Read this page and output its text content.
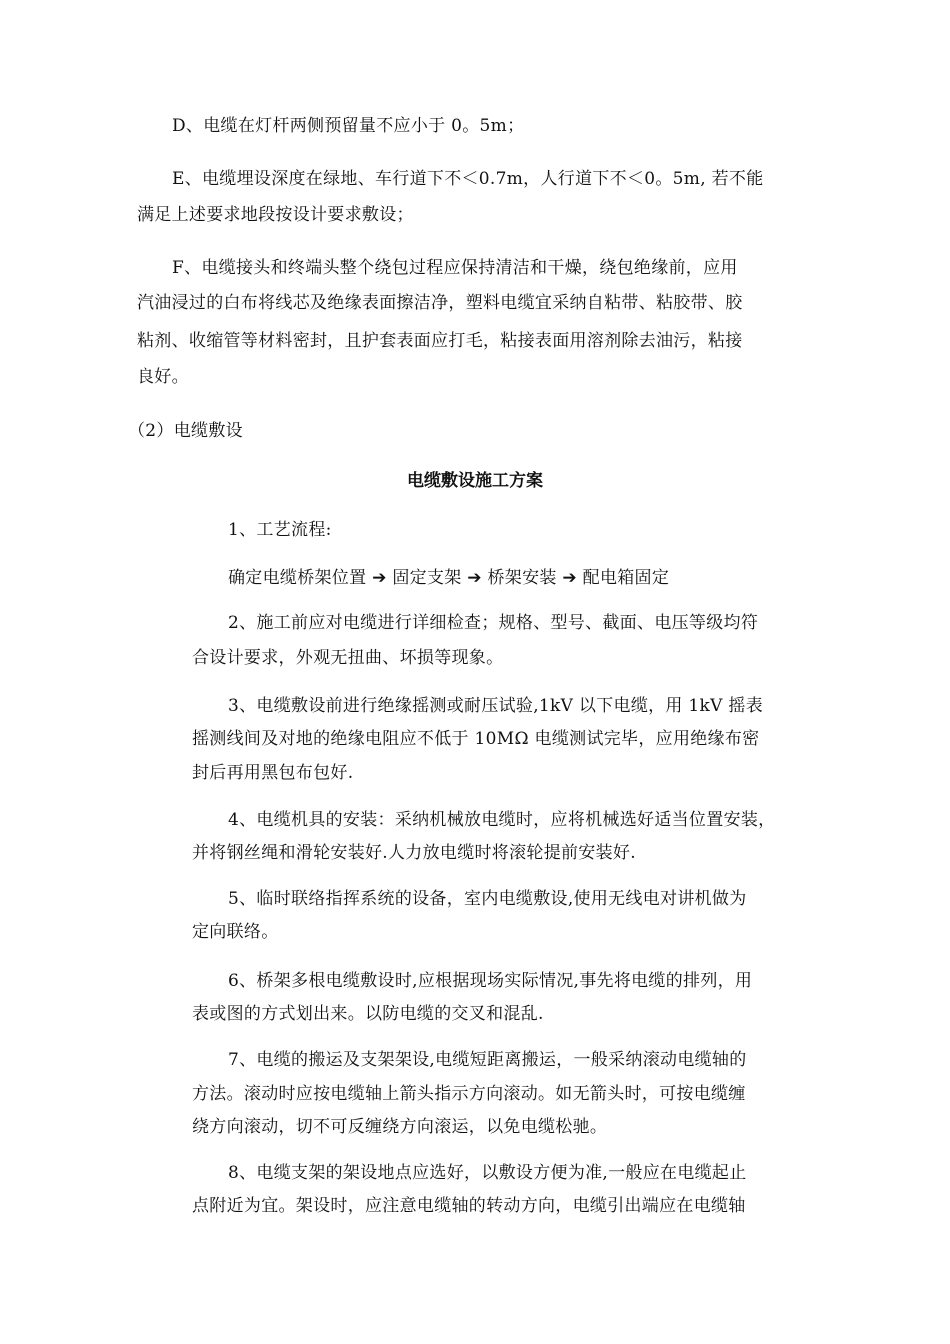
D、电缆在灯杆两侧预留量不应小于 0。5m；
E、电缆埋设深度在绿地、车行道下不＜0.7m，人行道下不＜0。5m, 若不能
满足上述要求地段按设计要求敷设；
F、电缆接头和终端头整个绕包过程应保持清洁和干燥，绕包绝缘前，应用
汽油浸过的白布将线芯及绝缘表面擦洁净，塑料电缆宜采纳自粘带、粘胶带、胶
粘剂、收缩管等材料密封，且护套表面应打毛，粘接表面用溶剂除去油污，粘接
良好。
（2）电缆敷设
电缆敷设施工方案
1、工艺流程:
确定电缆桥架位置 ➔ 固定支架 ➔ 桥架安装 ➔ 配电箱固定
2、施工前应对电缆进行详细检查；规格、型号、截面、电压等级均符
合设计要求，外观无扭曲、坏损等现象。
3、电缆敷设前进行绝缘摇测或耐压试验,1kV 以下电缆，用 1kV 摇表
摇测线间及对地的绝缘电阻应不低于 10MΩ 电缆测试完毕，应用绝缘布密
封后再用黑包布包好.
4、电缆机具的安装：采纳机械放电缆时，应将机械选好适当位置安装，
并将钢丝绳和滑轮安装好.人力放电缆时将滚轮提前安装好.
5、临时联络指挥系统的设备，室内电缆敷设,使用无线电对讲机做为
定向联络。
6、桥架多根电缆敷设时,应根据现场实际情况,事先将电缆的排列，用
表或图的方式划出来。以防电缆的交叉和混乱.
7、电缆的搬运及支架架设,电缆短距离搬运，一般采纳滚动电缆轴的
方法。滚动时应按电缆轴上箭头指示方向滚动。如无箭头时，可按电缆缠
绕方向滚动，切不可反缠绕方向滚运，以免电缆松驰。
8、电缆支架的架设地点应选好，以敷设方便为准,一般应在电缆起止
点附近为宜。架设时，应注意电缆轴的转动方向，电缆引出端应在电缆轴
